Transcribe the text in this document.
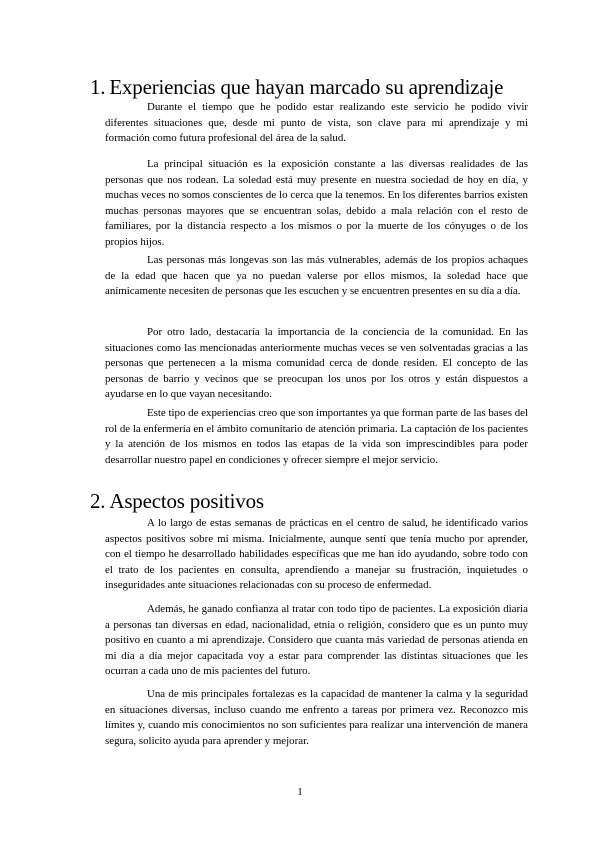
1. Experiencias que hayan marcado su aprendizaje

Durante el tiempo que he podido estar realizando este servicio he podido vivir diferentes situaciones que, desde mi punto de vista, son clave para mi aprendizaje y mi formación como futura profesional del área de la salud.

La principal situación es la exposición constante a las diversas realidades de las personas que nos rodean. La soledad está muy presente en nuestra sociedad de hoy en día, y muchas veces no somos conscientes de lo cerca que la tenemos. En los diferentes barrios existen muchas personas mayores que se encuentran solas, debido a mala relación con el resto de familiares, por la distancia respecto a los mismos o por la muerte de los cónyuges o de los propios hijos.

Las personas más longevas son las más vulnerables, además de los propios achaques de la edad que hacen que ya no puedan valerse por ellos mismos, la soledad hace que anímicamente necesiten de personas que les escuchen y se encuentren presentes en su día a día.

Por otro lado, destacaría la importancia de la conciencia de la comunidad. En las situaciones como las mencionadas anteriormente muchas veces se ven solventadas gracias a las personas que pertenecen a la misma comunidad cerca de donde residen. El concepto de las personas de barrio y vecinos que se preocupan los unos por los otros y están dispuestos a ayudarse en lo que vayan necesitando.

Este tipo de experiencias creo que son importantes ya que forman parte de las bases del rol de la enfermería en el ámbito comunitario de atención primaria. La captación de los pacientes y la atención de los mismos en todos las etapas de la vida son imprescindibles para poder desarrollar nuestro papel en condiciones y ofrecer siempre el mejor servicio.

2. Aspectos positivos

A lo largo de estas semanas de prácticas en el centro de salud, he identificado varios aspectos positivos sobre mí misma. Inicialmente, aunque sentí que tenía mucho por aprender, con el tiempo he desarrollado habilidades específicas que me han ido ayudando, sobre todo con el trato de los pacientes en consulta, aprendiendo a manejar su frustración, inquietudes o inseguridades ante situaciones relacionadas con su proceso de enfermedad.

Además, he ganado confianza al tratar con todo tipo de pacientes. La exposición diaria a personas tan diversas en edad, nacionalidad, etnia o religión, considero que es un punto muy positivo en cuanto a mi aprendizaje. Considero que cuanta más variedad de personas atienda en mi día a día mejor capacitada voy a estar para comprender las distintas situaciones que les ocurran a cada uno de mis pacientes del futuro.

Una de mis principales fortalezas es la capacidad de mantener la calma y la seguridad en situaciones diversas, incluso cuando me enfrento a tareas por primera vez. Reconozco mis límites y, cuando mis conocimientos no son suficientes para realizar una intervención de manera segura, solicito ayuda para aprender y mejorar.

1
